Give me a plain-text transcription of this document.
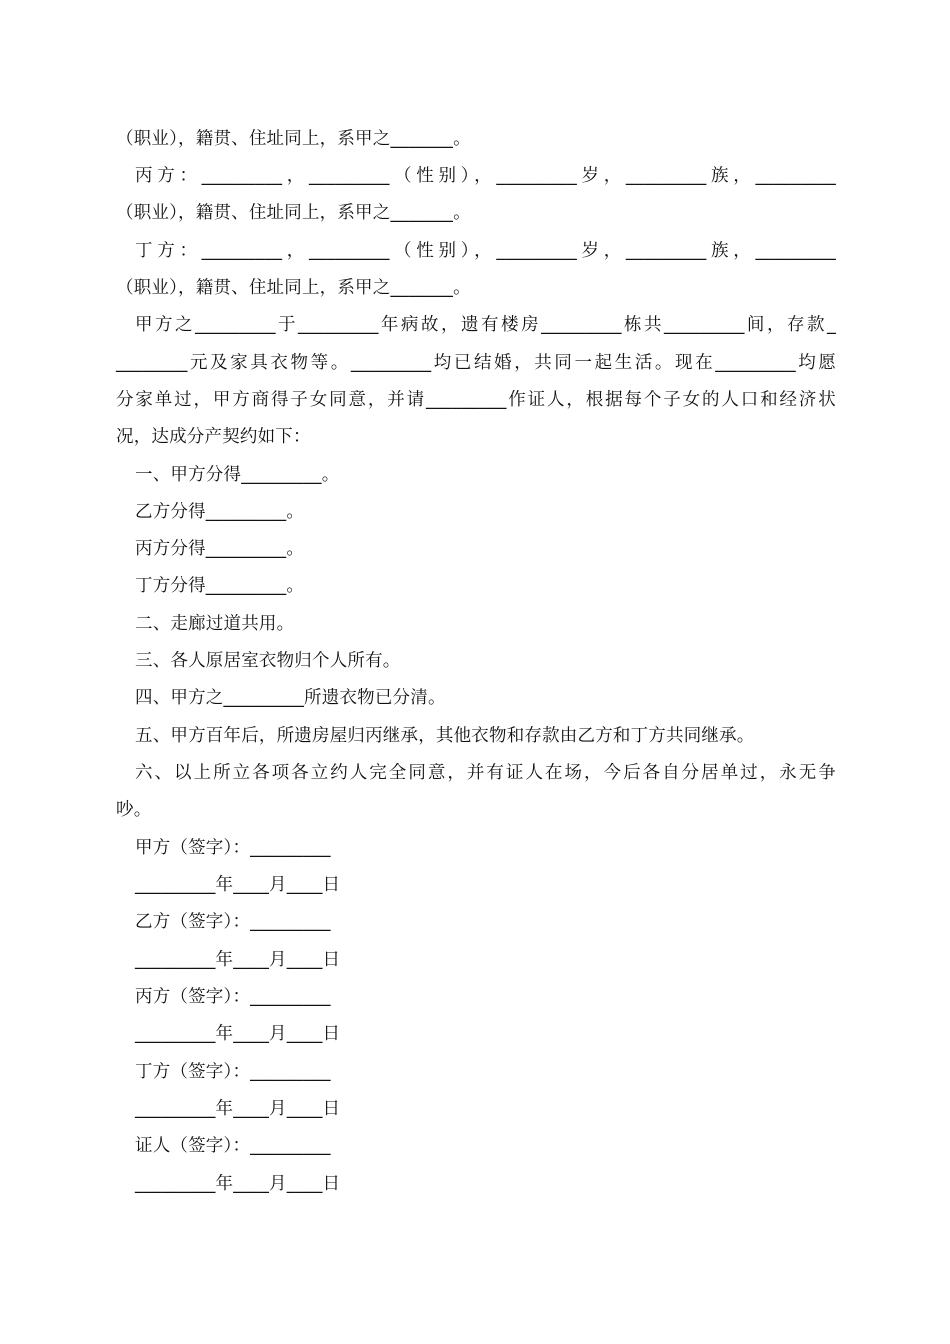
（职业），籍贯、住址同上，系甲之_______。
丙方：_________，_________（性别），_________岁，_________族，_________
（职业），籍贯、住址同上，系甲之_______。
丁方：_________，_________（性别），_________岁，_________族，_________
（职业），籍贯、住址同上，系甲之_______。
甲方之_________于_________年病故，遗有楼房_________栋共_________间，存款_
________元及家具衣物等。_________均已结婚，共同一起生活。现在_________均愿
分家单过，甲方商得子女同意，并请_________作证人，根据每个子女的人口和经济状
况，达成分产契约如下：
一、甲方分得_________。
乙方分得_________。
丙方分得_________。
丁方分得_________。
二、走廊过道共用。
三、各人原居室衣物归个人所有。
四、甲方之_________所遗衣物已分清。
五、甲方百年后，所遗房屋归丙继承，其他衣物和存款由乙方和丁方共同继承。
六、以上所立各项各立约人完全同意，并有证人在场，今后各自分居单过，永无争
吵。
甲方（签字）：_________
_________年____月____日
乙方（签字）：_________
_________年____月____日
丙方（签字）：_________
_________年____月____日
丁方（签字）：_________
_________年____月____日
证人（签字）：_________
_________年____月____日
